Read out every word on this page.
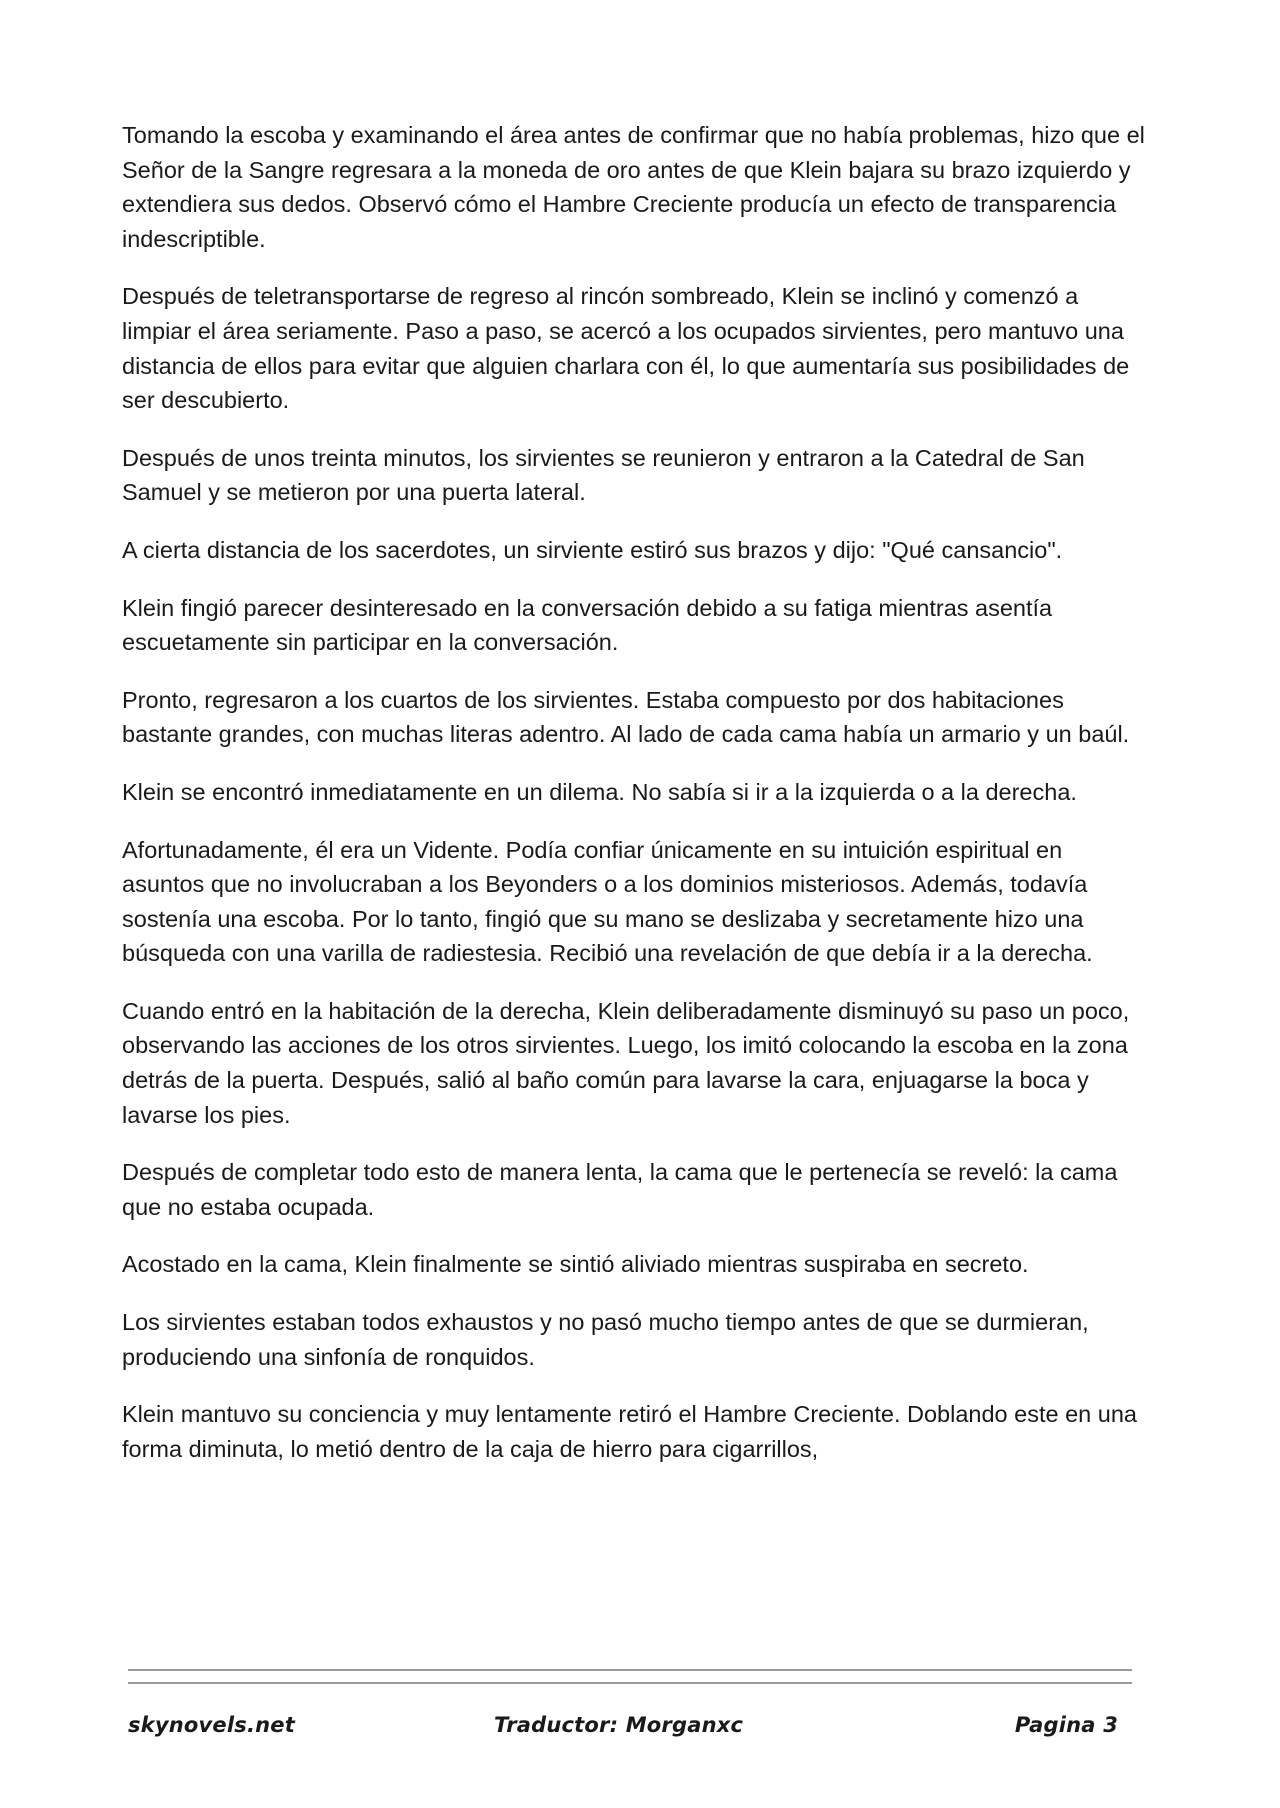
Tomando la escoba y examinando el área antes de confirmar que no había problemas, hizo que el Señor de la Sangre regresara a la moneda de oro antes de que Klein bajara su brazo izquierdo y extendiera sus dedos. Observó cómo el Hambre Creciente producía un efecto de transparencia indescriptible.

Después de teletransportarse de regreso al rincón sombreado, Klein se inclinó y comenzó a limpiar el área seriamente. Paso a paso, se acercó a los ocupados sirvientes, pero mantuvo una distancia de ellos para evitar que alguien charlara con él, lo que aumentaría sus posibilidades de ser descubierto.

Después de unos treinta minutos, los sirvientes se reunieron y entraron a la Catedral de San Samuel y se metieron por una puerta lateral.

A cierta distancia de los sacerdotes, un sirviente estiró sus brazos y dijo: "Qué cansancio".

Klein fingió parecer desinteresado en la conversación debido a su fatiga mientras asentía escuetamente sin participar en la conversación.

Pronto, regresaron a los cuartos de los sirvientes. Estaba compuesto por dos habitaciones bastante grandes, con muchas literas adentro. Al lado de cada cama había un armario y un baúl.

Klein se encontró inmediatamente en un dilema. No sabía si ir a la izquierda o a la derecha.

Afortunadamente, él era un Vidente. Podía confiar únicamente en su intuición espiritual en asuntos que no involucraban a los Beyonders o a los dominios misteriosos. Además, todavía sostenía una escoba. Por lo tanto, fingió que su mano se deslizaba y secretamente hizo una búsqueda con una varilla de radiestesia. Recibió una revelación de que debía ir a la derecha.

Cuando entró en la habitación de la derecha, Klein deliberadamente disminuyó su paso un poco, observando las acciones de los otros sirvientes. Luego, los imitó colocando la escoba en la zona detrás de la puerta. Después, salió al baño común para lavarse la cara, enjuagarse la boca y lavarse los pies.

Después de completar todo esto de manera lenta, la cama que le pertenecía se reveló: la cama que no estaba ocupada.

Acostado en la cama, Klein finalmente se sintió aliviado mientras suspiraba en secreto.

Los sirvientes estaban todos exhaustos y no pasó mucho tiempo antes de que se durmieran, produciendo una sinfonía de ronquidos.

Klein mantuvo su conciencia y muy lentamente retiró el Hambre Creciente. Doblando este en una forma diminuta, lo metió dentro de la caja de hierro para cigarrillos,

skynovels.net	Traductor: Morganxc	Pagina 3
